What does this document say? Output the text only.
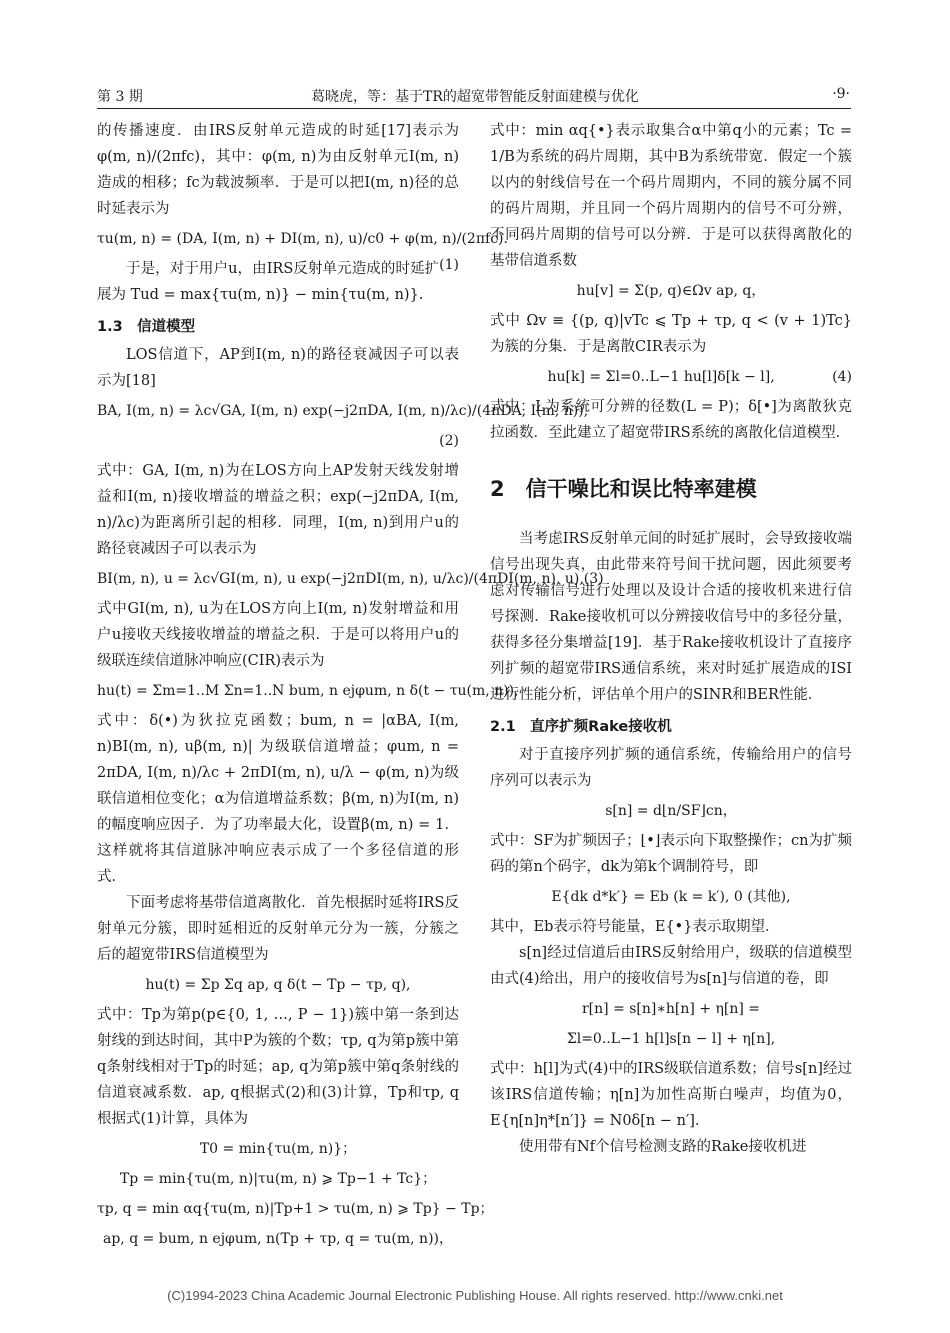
第 3 期	葛晓虎，等：基于TR的超宽带智能反射面建模与优化	·9·

的传播速度．由IRS反射单元造成的时延[17]表示为 φ(m, n)/(2πfc)，其中：φ(m, n)为由反射单元I(m, n)造成的相移；fc为载波频率．于是可以把I(m, n)径的总时延表示为

τu(m, n) = (DA, I(m, n) + DI(m, n), u)/c0 + φ(m, n)/(2πfc).
(1)

于是，对于用户u，由IRS反射单元造成的时延扩展为 Tud = max{τu(m, n)} − min{τu(m, n)}.

1.3　信道模型

LOS信道下，AP到I(m, n)的路径衰减因子可以表示为[18]

BA, I(m, n) = λc√GA, I(m, n) exp(−j2πDA, I(m, n)/λc)/(4πDA, I(m, n)),
(2)

式中：GA, I(m, n)为在LOS方向上AP发射天线发射增益和I(m, n)接收增益的增益之积；exp(−j2πDA, I(m, n)/λc)为距离所引起的相移．同理，I(m, n)到用户u的路径衰减因子可以表示为

BI(m, n), u = λc√GI(m, n), u exp(−j2πDI(m, n), u/λc)/(4πDI(m, n), u),(3)

式中GI(m, n), u为在LOS方向上I(m, n)发射增益和用户u接收天线接收增益的增益之积．于是可以将用户u的级联连续信道脉冲响应(CIR)表示为

hu(t) = Σm=1..M Σn=1..N bum, n ejφum, n δ(t − τu(m, n)),

式中：δ(•)为狄拉克函数；bum, n = |αBA, I(m, n)BI(m, n), uβ(m, n)| 为级联信道增益；φum, n = 2πDA, I(m, n)/λc + 2πDI(m, n), u/λ − φ(m, n)为级联信道相位变化；α为信道增益系数；β(m, n)为I(m, n)的幅度响应因子．为了功率最大化，设置β(m, n) = 1．这样就将其信道脉冲响应表示成了一个多径信道的形式．

下面考虑将基带信道离散化．首先根据时延将IRS反射单元分簇，即时延相近的反射单元分为一簇，分簇之后的超宽带IRS信道模型为

hu(t) = Σp Σq ap, q δ(t − Tp − τp, q),

式中：Tp为第p(p∈{0, 1, …, P − 1})簇中第一条到达射线的到达时间，其中P为簇的个数；τp, q为第p簇中第q条射线相对于Tp的时延；ap, q为第p簇中第q条射线的信道衰减系数．ap, q根据式(2)和(3)计算，Tp和τp, q根据式(1)计算，具体为

T0 = min{τu(m, n)}；
Tp = min{τu(m, n)|τu(m, n) ⩾ Tp−1 + Tc}；
τp, q = min αq{τu(m, n)|Tp+1 > τu(m, n) ⩾ Tp} − Tp；
ap, q = bum, n ejφum, n(Tp + τp, q = τu(m, n))，

式中：min αq{•}表示取集合α中第q小的元素；Tc = 1/B为系统的码片周期，其中B为系统带宽．假定一个簇以内的射线信号在一个码片周期内，不同的簇分属不同的码片周期，并且同一个码片周期内的信号不可分辨，不同码片周期的信号可以分辨．于是可以获得离散化的基带信道系数

hu[v] = Σ(p, q)∈Ωv ap, q，

式中 Ωv ≡ {(p, q)|vTc ⩽ Tp + τp, q < (v + 1)Tc} 为簇的分集．于是离散CIR表示为

hu[k] = Σl=0..L−1 hu[l]δ[k − l],	(4)

式中：L为系统可分辨的径数(L = P)；δ[•]为离散狄克拉函数．至此建立了超宽带IRS系统的离散化信道模型．

2　信干噪比和误比特率建模

当考虑IRS反射单元间的时延扩展时，会导致接收端信号出现失真，由此带来符号间干扰问题，因此须要考虑对传输信号进行处理以及设计合适的接收机来进行信号探测．Rake接收机可以分辨接收信号中的多径分量，获得多径分集增益[19]．基于Rake接收机设计了直接序列扩频的超宽带IRS通信系统，来对时延扩展造成的ISI进行性能分析，评估单个用户的SINR和BER性能．

2.1　直序扩频Rake接收机

对于直接序列扩频的通信系统，传输给用户的信号序列可以表示为

s[n] = d⌊n/SF⌋cn，

式中：SF为扩频因子；⌊•⌋表示向下取整操作；cn为扩频码的第n个码字，dk为第k个调制符号，即

E{dk d*k′} = Eb (k = k′), 0 (其他),

其中，Eb表示符号能量，E{•}表示取期望．

s[n]经过信道后由IRS反射给用户，级联的信道模型由式(4)给出，用户的接收信号为s[n]与信道的卷，即

r[n] = s[n]∗h[n] + η[n] =
Σl=0..L−1 h[l]s[n − l] + η[n],

式中：h[l]为式(4)中的IRS级联信道系数；信号s[n]经过该IRS信道传输；η[n]为加性高斯白噪声，均值为0，E{η[n]η*[n′]} = N0δ[n − n′]．

使用带有Nf个信号检测支路的Rake接收机进

(C)1994-2023 China Academic Journal Electronic Publishing House. All rights reserved. http://www.cnki.net
